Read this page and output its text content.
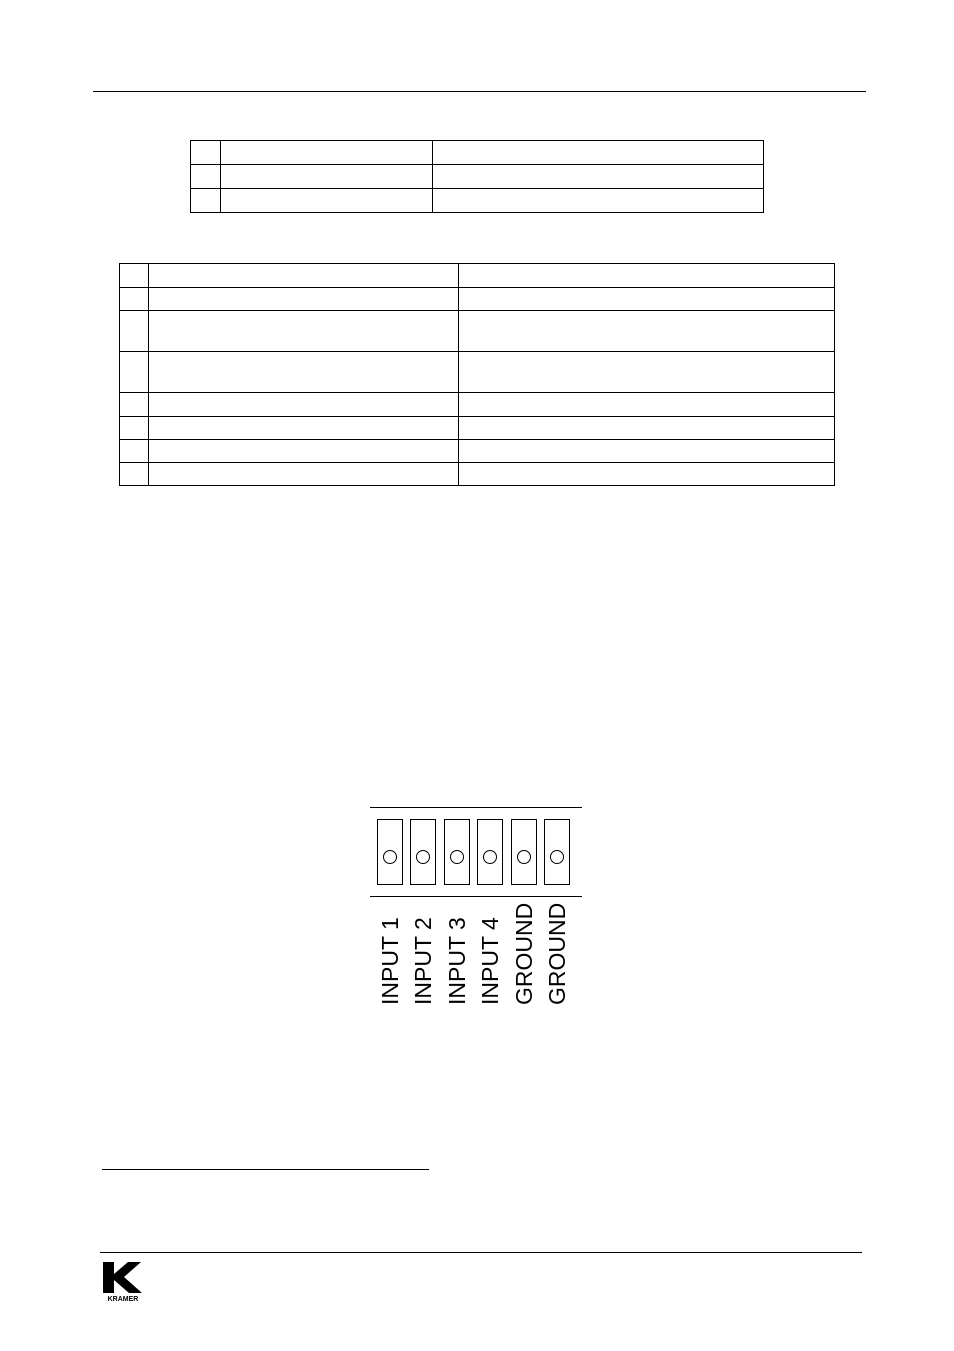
INPUT 1 INPUT 2 INPUT 3 INPUT 4 GROUND GROUND
KRAMER
